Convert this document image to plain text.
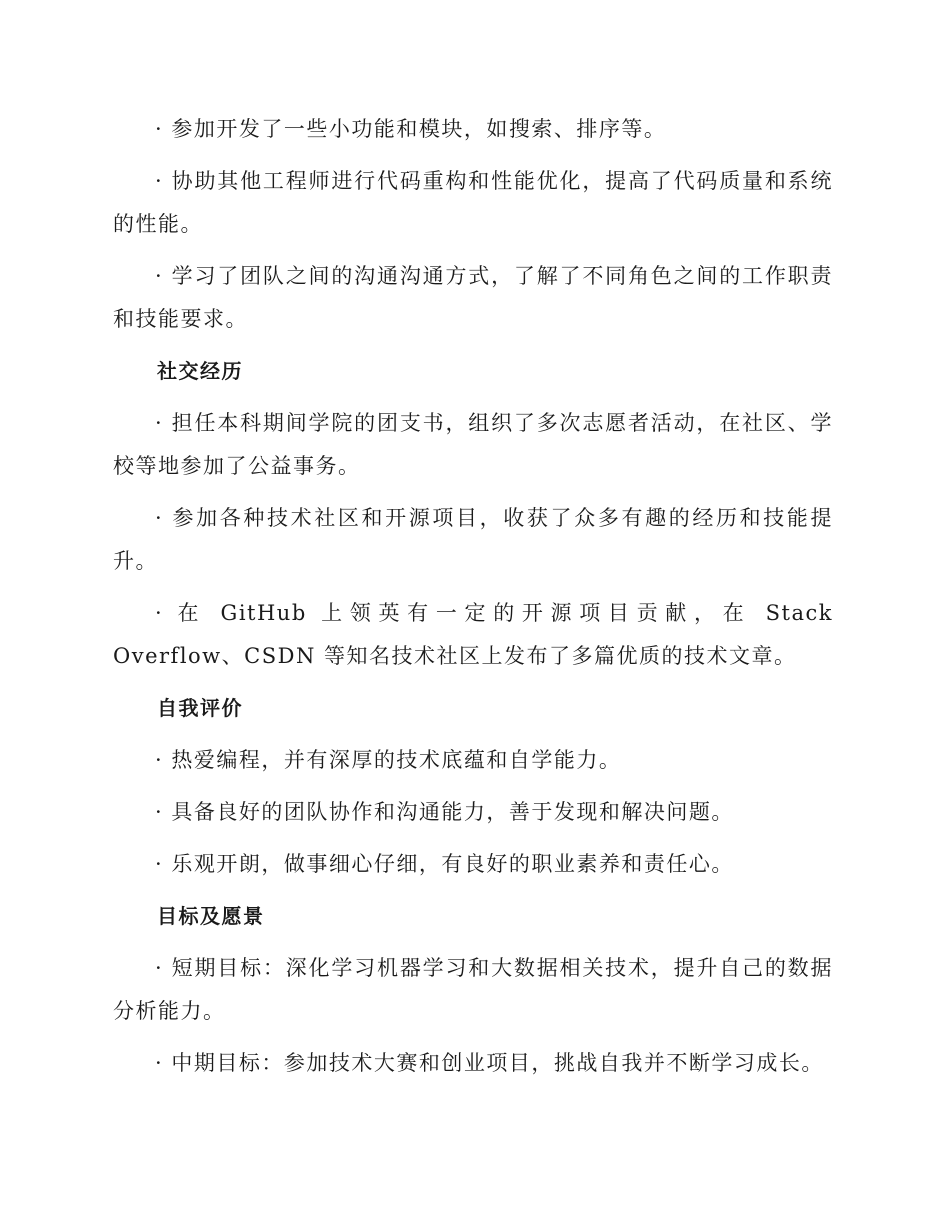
· 参加开发了一些小功能和模块，如搜索、排序等。

· 协助其他工程师进行代码重构和性能优化，提高了代码质量和系统的性能。

· 学习了团队之间的沟通沟通方式，了解了不同角色之间的工作职责和技能要求。

社交经历

· 担任本科期间学院的团支书，组织了多次志愿者活动，在社区、学校等地参加了公益事务。

· 参加各种技术社区和开源项目，收获了众多有趣的经历和技能提升。

· 在 GitHub 上领英有一定的开源项目贡献，在 Stack Overflow、CSDN 等知名技术社区上发布了多篇优质的技术文章。

自我评价

· 热爱编程，并有深厚的技术底蕴和自学能力。

· 具备良好的团队协作和沟通能力，善于发现和解决问题。

· 乐观开朗，做事细心仔细，有良好的职业素养和责任心。

目标及愿景

· 短期目标：深化学习机器学习和大数据相关技术，提升自己的数据分析能力。

· 中期目标：参加技术大赛和创业项目，挑战自我并不断学习成长。
